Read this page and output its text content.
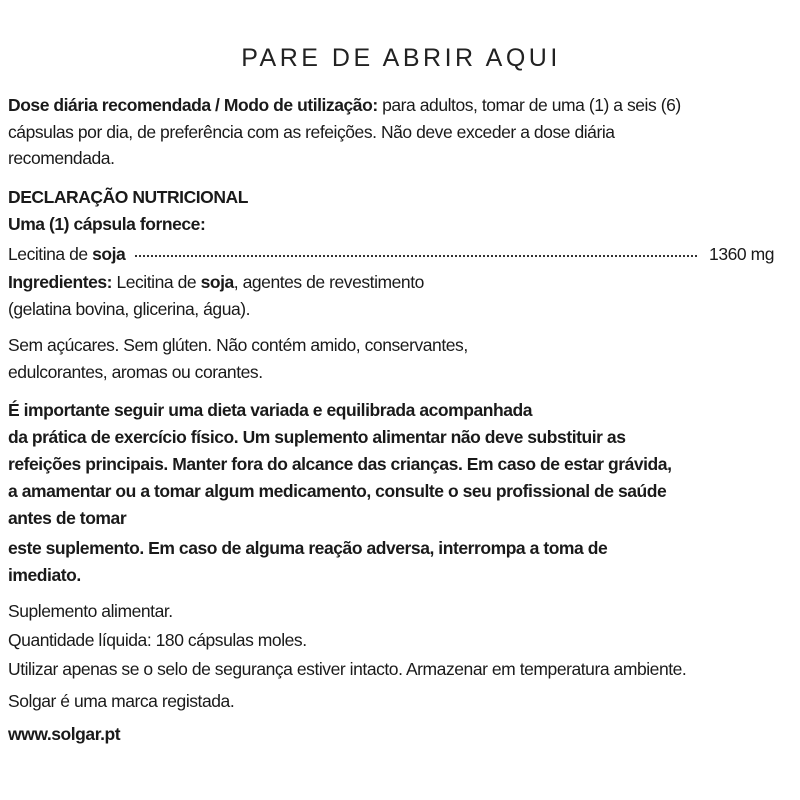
PARE DE ABRIR AQUI
Dose diária recomendada / Modo de utilização: para adultos, tomar de uma (1) a seis (6)
cápsulas por dia, de preferência com as refeições. Não deve exceder a dose diária
recomendada.
DECLARAÇÃO NUTRICIONAL
Uma (1) cápsula fornece:
Lecitina de soja	1360 mg
Ingredientes: Lecitina de soja, agentes de revestimento
(gelatina bovina, glicerina, água).
Sem açúcares. Sem glúten. Não contém amido, conservantes,
edulcorantes, aromas ou corantes.
É importante seguir uma dieta variada e equilibrada acompanhada
da prática de exercício físico. Um suplemento alimentar não deve substituir as
refeições principais. Manter fora do alcance das crianças. Em caso de estar grávida,
a amamentar ou a tomar algum medicamento, consulte o seu profissional de saúde
antes de tomar
este suplemento. Em caso de alguma reação adversa, interrompa a toma de
imediato.
Suplemento alimentar.
Quantidade líquida: 180 cápsulas moles.
Utilizar apenas se o selo de segurança estiver intacto. Armazenar em temperatura ambiente.
Solgar é uma marca registada.
www.solgar.pt
